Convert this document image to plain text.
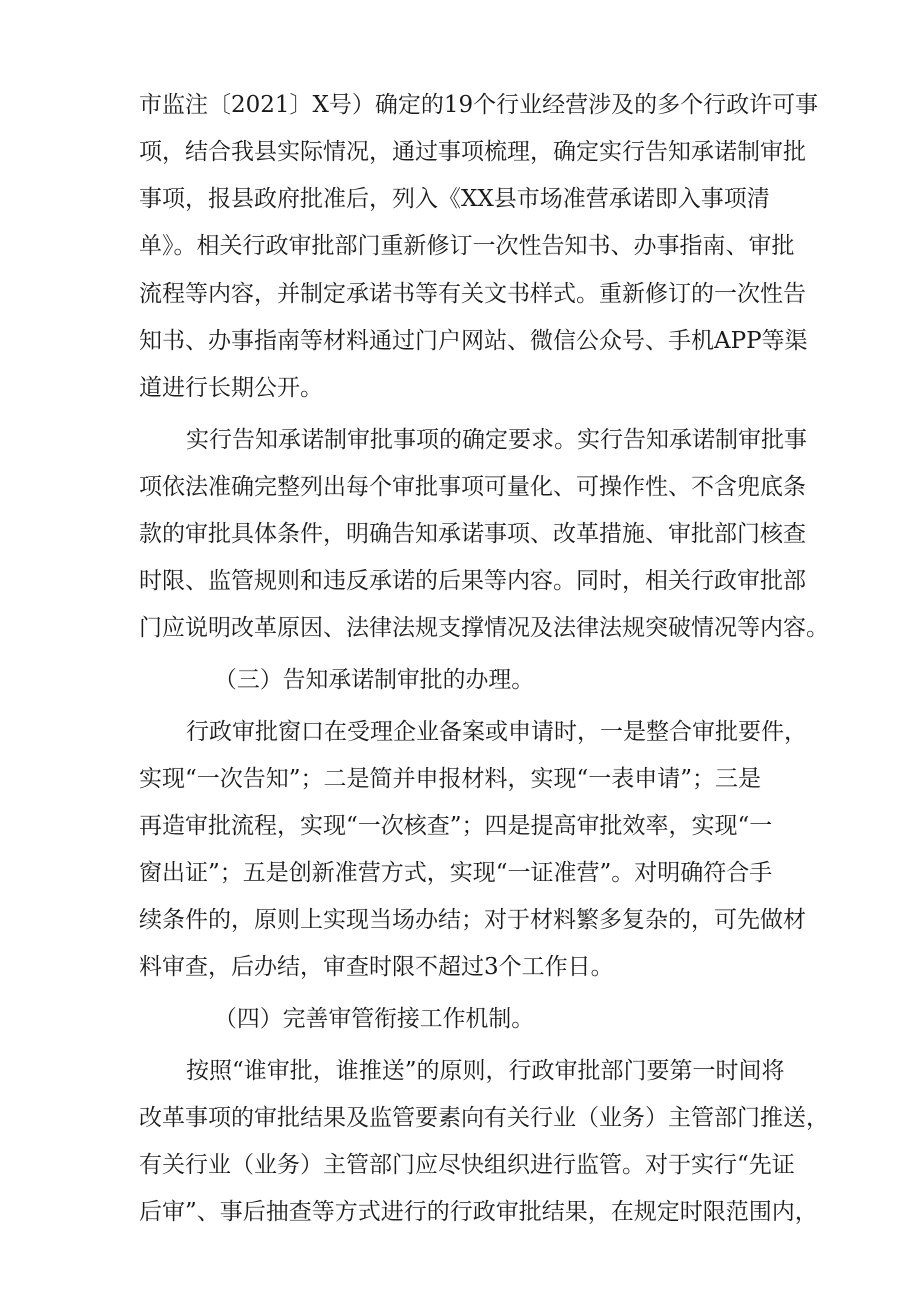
市监注〔2021〕X号）确定的19个行业经营涉及的多个行政许可事
项，结合我县实际情况，通过事项梳理，确定实行告知承诺制审批
事项，报县政府批准后，列入《XX县市场准营承诺即入事项清
单》。相关行政审批部门重新修订一次性告知书、办事指南、审批
流程等内容，并制定承诺书等有关文书样式。重新修订的一次性告
知书、办事指南等材料通过门户网站、微信公众号、手机APP等渠
道进行长期公开。
实行告知承诺制审批事项的确定要求。实行告知承诺制审批事
项依法准确完整列出每个审批事项可量化、可操作性、不含兜底条
款的审批具体条件，明确告知承诺事项、改革措施、审批部门核查
时限、监管规则和违反承诺的后果等内容。同时，相关行政审批部
门应说明改革原因、法律法规支撑情况及法律法规突破情况等内容。
（三）告知承诺制审批的办理。
行政审批窗口在受理企业备案或申请时，一是整合审批要件，
实现“一次告知”；二是简并申报材料，实现“一表申请”；三是
再造审批流程，实现“一次核查”；四是提高审批效率，实现“一
窗出证”；五是创新准营方式，实现“一证准营”。对明确符合手
续条件的，原则上实现当场办结；对于材料繁多复杂的，可先做材
料审查，后办结，审查时限不超过3个工作日。
（四）完善审管衔接工作机制。
按照“谁审批，谁推送”的原则，行政审批部门要第一时间将
改革事项的审批结果及监管要素向有关行业（业务）主管部门推送，
有关行业（业务）主管部门应尽快组织进行监管。对于实行“先证
后审”、事后抽查等方式进行的行政审批结果，在规定时限范围内，
